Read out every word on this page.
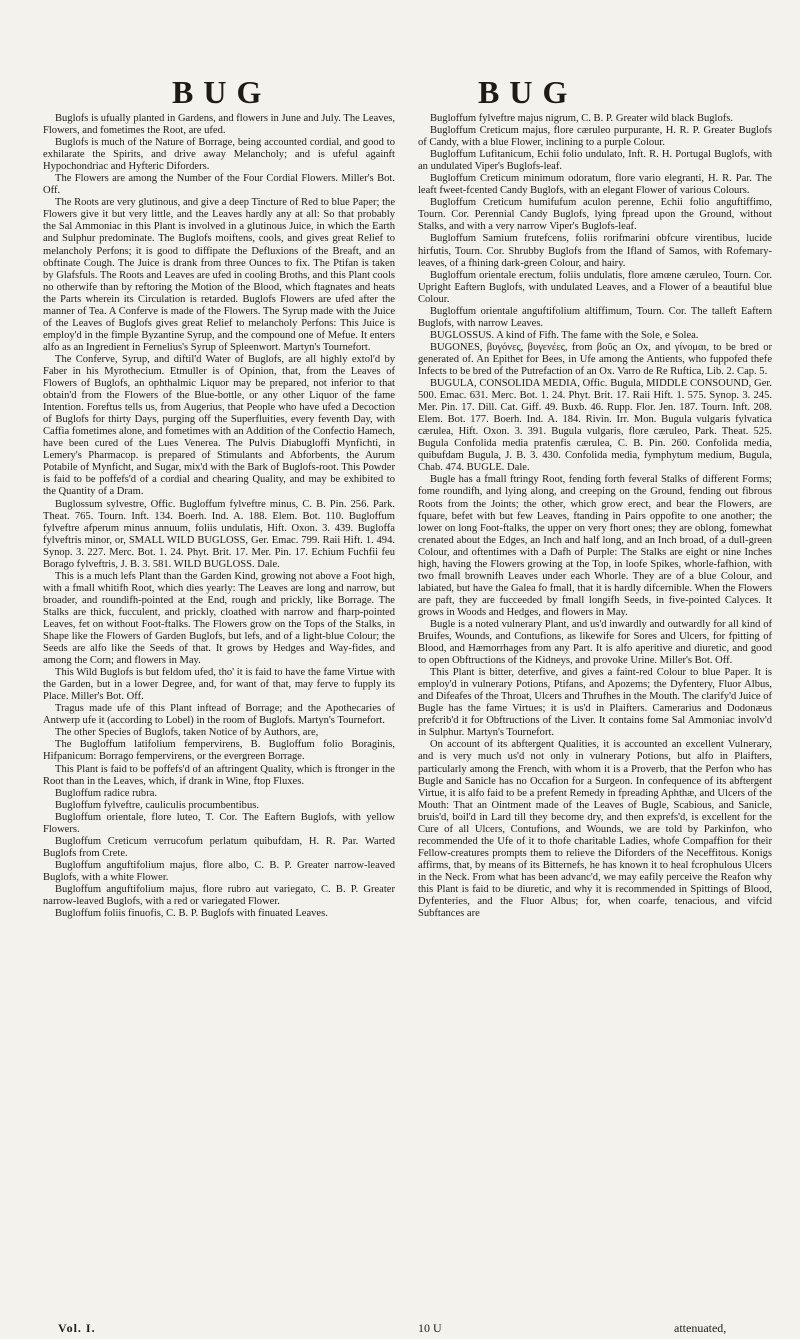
BUG	BUG

Buglofs is ufually planted in Gardens, and flowers in June and July. The Leaves, Flowers, and fometimes the Root, are ufed.

Buglofs is much of the Nature of Borrage, being accounted cordial, and good to exhilarate the Spirits, and drive away Melancholy; and is ufeful againft Hypochondriac and Hyfteric Diforders.

The Flowers are among the Number of the Four Cordial Flowers. Miller's Bot. Off.

The Roots are very glutinous, and give a deep Tincture of Red to blue Paper; the Flowers give it but very little, and the Leaves hardly any at all: So that probably the Sal Ammoniac in this Plant is involved in a glutinous Juice, in which the Earth and Sulphur predominate. The Buglofs moiftens, cools, and gives great Relief to melancholy Perfons; it is good to diffipate the Defluxions of the Breaft, and an obftinate Cough. The Juice is drank from three Ounces to fix. The Ptifan is taken by Glafsfuls. The Roots and Leaves are ufed in cooling Broths, and this Plant cools no otherwife than by reftoring the Motion of the Blood, which ftagnates and heats the Parts wherein its Circulation is retarded. Buglofs Flowers are ufed after the manner of Tea. A Conferve is made of the Flowers. The Syrup made with the Juice of the Leaves of Buglofs gives great Relief to melancholy Perfons: This Juice is employ'd in the fimple Byzantine Syrup, and the compound one of Mefue. It enters alfo as an Ingredient in Fernelius's Syrup of Spleenwort. Martyn's Tournefort.

The Conferve, Syrup, and diftil'd Water of Buglofs, are all highly extol'd by Faber in his Myrothecium. Etmuller is of Opinion, that, from the Leaves of Flowers of Buglofs, an ophthalmic Liquor may be prepared, not inferior to that obtain'd from the Flowers of the Blue-bottle, or any other Liquor of the fame Intention. Foreftus tells us, from Augerius, that People who have ufed a Decoction of Buglofs for thirty Days, purging off the Superfluities, every feventh Day, with Caffia fometimes alone, and fometimes with an Addition of the Confectio Hamech, have been cured of the Lues Venerea. The Pulvis Diabugloffi Mynfichti, in Lemery's Pharmacop. is prepared of Stimulants and Abforbents, the Aurum Potabile of Mynficht, and Sugar, mix'd with the Bark of Buglofs-root. This Powder is faid to be poffefs'd of a cordial and chearing Quality, and may be exhibited to the Quantity of a Dram.

Buglossum sylvestre, Offic. Bugloffum fylveftre minus, C. B. Pin. 256. Park. Theat. 765. Tourn. Inft. 134. Boerh. Ind. A. 188. Elem. Bot. 110. Bugloffum fylveftre afperum minus annuum, foliis undulatis, Hift. Oxon. 3. 439. Bugloffa fylveftris minor, or, SMALL WILD BUGLOSS, Ger. Emac. 799. Raii Hift. 1. 494. Synop. 3. 227. Merc. Bot. 1. 24. Phyt. Brit. 17. Mer. Pin. 17. Echium Fuchfii feu Borago fylveftris, J. B. 3. 581. WILD BUGLOSS. Dale.

This is a much lefs Plant than the Garden Kind, growing not above a Foot high, with a fmall whitifh Root, which dies yearly: The Leaves are long and narrow, but broader, and roundifh-pointed at the End, rough and prickly, like Borrage. The Stalks are thick, fucculent, and prickly, cloathed with narrow and fharp-pointed Leaves, fet on without Foot-ftalks. The Flowers grow on the Tops of the Stalks, in Shape like the Flowers of Garden Buglofs, but lefs, and of a light-blue Colour; the Seeds are alfo like the Seeds of that. It grows by Hedges and Way-fides, and among the Corn; and flowers in May.

This Wild Buglofs is but feldom ufed, tho' it is faid to have the fame Virtue with the Garden, but in a lower Degree, and, for want of that, may ferve to fupply its Place. Miller's Bot. Off.

Tragus made ufe of this Plant inftead of Borrage; and the Apothecaries of Antwerp ufe it (according to Lobel) in the room of Buglofs. Martyn's Tournefort.

The other Species of Buglofs, taken Notice of by Authors, are,

The Bugloffum latifolium fempervirens, B. Bugloffum folio Boraginis, Hifpanicum: Borrago fempervirens, or the evergreen Borrage.

This Plant is faid to be poffefs'd of an aftringent Quality, which is ftronger in the Root than in the Leaves, which, if drank in Wine, ftop Fluxes.

Bugloffum radice rubra.

Bugloffum fylveftre, cauliculis procumbentibus.

Bugloffum orientale, flore luteo, T. Cor. The Eaftern Buglofs, with yellow Flowers.

Bugloffum Creticum verrucofum perlatum quibufdam, H. R. Par. Warted Buglofs from Crete.

Bugloffum anguftifolium majus, flore albo, C. B. P. Greater narrow-leaved Buglofs, with a white Flower.

Bugloffum anguftifolium majus, flore rubro aut variegato, C. B. P. Greater narrow-leaved Buglofs, with a red or variegated Flower.

Bugloffum foliis finuofis, C. B. P. Buglofs with finuated Leaves.

Bugloffum fylveftre majus nigrum, C. B. P. Greater wild black Buglofs.

Bugloffum Creticum majus, flore cæruleo purpurante, H. R. P. Greater Buglofs of Candy, with a blue Flower, inclining to a purple Colour.

Bugloffum Lufitanicum, Echii folio undulato, Inft. R. H. Portugal Buglofs, with an undulated Viper's Buglofs-leaf.

Bugloffum Creticum minimum odoratum, flore vario elegranti, H. R. Par. The leaft fweet-fcented Candy Buglofs, with an elegant Flower of various Colours.

Bugloffum Creticum humifufum aculon perenne, Echii folio anguftiffimo, Tourn. Cor. Perennial Candy Buglofs, lying fpread upon the Ground, without Stalks, and with a very narrow Viper's Buglofs-leaf.

Bugloffum Samium frutefcens, foliis rorifmarini obfcure virentibus, lucide hirfutis, Tourn. Cor. Shrubby Buglofs from the Ifland of Samos, with Rofemary-leaves, of a fhining dark-green Colour, and hairy.

Bugloffum orientale erectum, foliis undulatis, flore amœne cæruleo, Tourn. Cor. Upright Eaftern Buglofs, with undulated Leaves, and a Flower of a beautiful blue Colour.

Bugloffum orientale anguftifolium altiffimum, Tourn. Cor. The talleft Eaftern Buglofs, with narrow Leaves.

BUGLOSSUS. A kind of Fifh. The fame with the Sole, e Solea.

BUGONES, βυγόνες, βυγενέες, from βοῦς an Ox, and γίνομαι, to be bred or generated of. An Epithet for Bees, in Ufe among the Antients, who fuppofed thefe Infects to be bred of the Putrefaction of an Ox. Varro de Re Ruftica, Lib. 2. Cap. 5.

BUGULA, CONSOLIDA MEDIA, Offic. Bugula, MIDDLE CONSOUND, Ger. 500. Emac. 631. Merc. Bot. 1. 24. Phyt. Brit. 17. Raii Hift. 1. 575. Synop. 3. 245. Mer. Pin. 17. Dill. Cat. Giff. 49. Buxb. 46. Rupp. Flor. Jen. 187. Tourn. Inft. 208. Elem. Bot. 177. Boerh. Ind. A. 184. Rivin. Irr. Mon. Bugula vulgaris fylvatica cærulea, Hift. Oxon. 3. 391. Bugula vulgaris, flore cæruleo, Park. Theat. 525. Bugula Confolida media pratenfis cærulea, C. B. Pin. 260. Confolida media, quibufdam Bugula, J. B. 3. 430. Confolida media, fymphytum medium, Bugula, Chab. 474. BUGLE. Dale.

Bugle has a fmall ftringy Root, fending forth feveral Stalks of different Forms; fome roundifh, and lying along, and creeping on the Ground, fending out fibrous Roots from the Joints; the other, which grow erect, and bear the Flowers, are fquare, befet with but few Leaves, ftanding in Pairs oppofite to one another; the lower on long Foot-ftalks, the upper on very fhort ones; they are oblong, fomewhat crenated about the Edges, an Inch and half long, and an Inch broad, of a dull-green Colour, and oftentimes with a Dafh of Purple: The Stalks are eight or nine Inches high, having the Flowers growing at the Top, in loofe Spikes, whorle-fafhion, with two fmall brownifh Leaves under each Whorle. They are of a blue Colour, and labiated, but have the Galea fo fmall, that it is hardly difcernible. When the Flowers are paft, they are fucceeded by fmall longifh Seeds, in five-pointed Calyces. It grows in Woods and Hedges, and flowers in May.

Bugle is a noted vulnerary Plant, and us'd inwardly and outwardly for all kind of Bruifes, Wounds, and Contufions, as likewife for Sores and Ulcers, for fpitting of Blood, and Hæmorrhages from any Part. It is alfo aperitive and diuretic, and good to open Obftructions of the Kidneys, and provoke Urine. Miller's Bot. Off.

This Plant is bitter, deterfive, and gives a faint-red Colour to blue Paper. It is employ'd in vulnerary Potions, Ptifans, and Apozems; the Dyfentery, Fluor Albus, and Difeafes of the Throat, Ulcers and Thrufhes in the Mouth. The clarify'd Juice of Bugle has the fame Virtues; it is us'd in Plaifters. Camerarius and Dodonæus prefcrib'd it for Obftructions of the Liver. It contains fome Sal Ammoniac involv'd in Sulphur. Martyn's Tournefort.

On account of its abftergent Qualities, it is accounted an excellent Vulnerary, and is very much us'd not only in vulnerary Potions, but alfo in Plaifters, particularly among the French, with whom it is a Proverb, that the Perfon who has Bugle and Sanicle has no Occafion for a Surgeon. In confequence of its abftergent Virtue, it is alfo faid to be a prefent Remedy in fpreading Aphthæ, and Ulcers of the Mouth: That an Ointment made of the Leaves of Bugle, Scabious, and Sanicle, bruis'd, boil'd in Lard till they become dry, and then exprefs'd, is excellent for the Cure of all Ulcers, Contufions, and Wounds, we are told by Parkinfon, who recommended the Ufe of it to thofe charitable Ladies, whofe Compaffion for their Fellow-creatures prompts them to relieve the Diforders of the Neceffitous. Konigs affirms, that, by means of its Bitternefs, he has known it to heal fcrophulous Ulcers in the Neck. From what has been advanc'd, we may eafily perceive the Reafon why this Plant is faid to be diuretic, and why it is recommended in Spittings of Blood, Dyfenteries, and the Fluor Albus; for, when coarfe, tenacious, and vifcid Subftances are

Vol. I.	10 U	attenuated,
